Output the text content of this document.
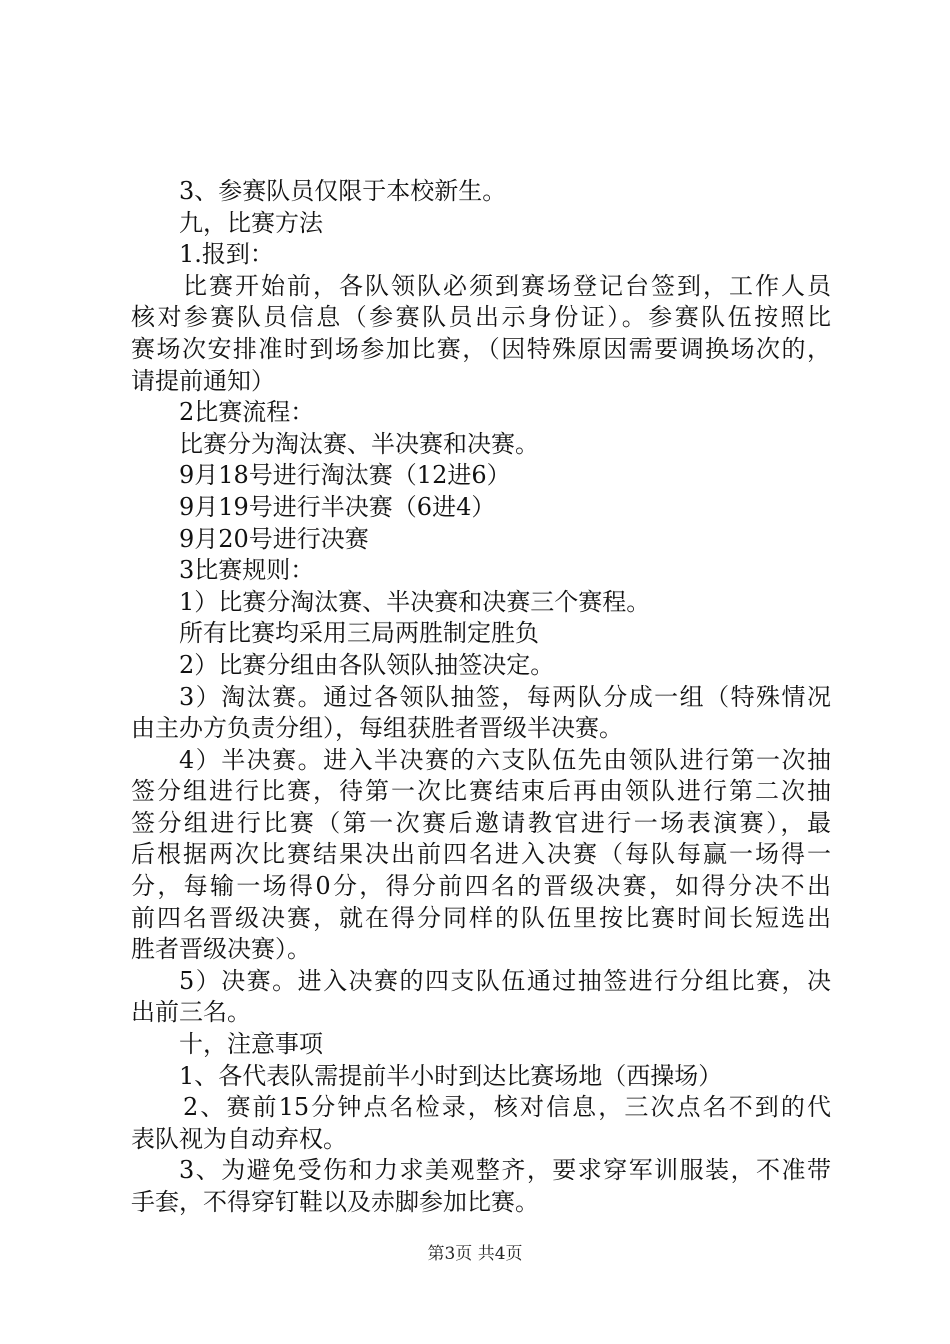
3、参赛队员仅限于本校新生。
九，比赛方法
1.报到：
比赛开始前，各队领队必须到赛场登记台签到，工作人员
核对参赛队员信息（参赛队员出示身份证）。参赛队伍按照比
赛场次安排准时到场参加比赛，（因特殊原因需要调换场次的，
请提前通知）
2比赛流程：
比赛分为淘汰赛、半决赛和决赛。
9月18号进行淘汰赛（12进6）
9月19号进行半决赛（6进4）
9月20号进行决赛
3比赛规则：
1）比赛分淘汰赛、半决赛和决赛三个赛程。
所有比赛均采用三局两胜制定胜负
2）比赛分组由各队领队抽签决定。
3）淘汰赛。通过各领队抽签，每两队分成一组（特殊情况
由主办方负责分组），每组获胜者晋级半决赛。
4）半决赛。进入半决赛的六支队伍先由领队进行第一次抽
签分组进行比赛，待第一次比赛结束后再由领队进行第二次抽
签分组进行比赛（第一次赛后邀请教官进行一场表演赛），最
后根据两次比赛结果决出前四名进入决赛（每队每赢一场得一
分，每输一场得0分，得分前四名的晋级决赛，如得分决不出
前四名晋级决赛，就在得分同样的队伍里按比赛时间长短选出
胜者晋级决赛）。
5）决赛。进入决赛的四支队伍通过抽签进行分组比赛，决
出前三名。
十，注意事项
1、各代表队需提前半小时到达比赛场地（西操场）
2、赛前15分钟点名检录，核对信息，三次点名不到的代
表队视为自动弃权。
3、为避免受伤和力求美观整齐，要求穿军训服装，不准带
手套，不得穿钉鞋以及赤脚参加比赛。
第3页 共4页
